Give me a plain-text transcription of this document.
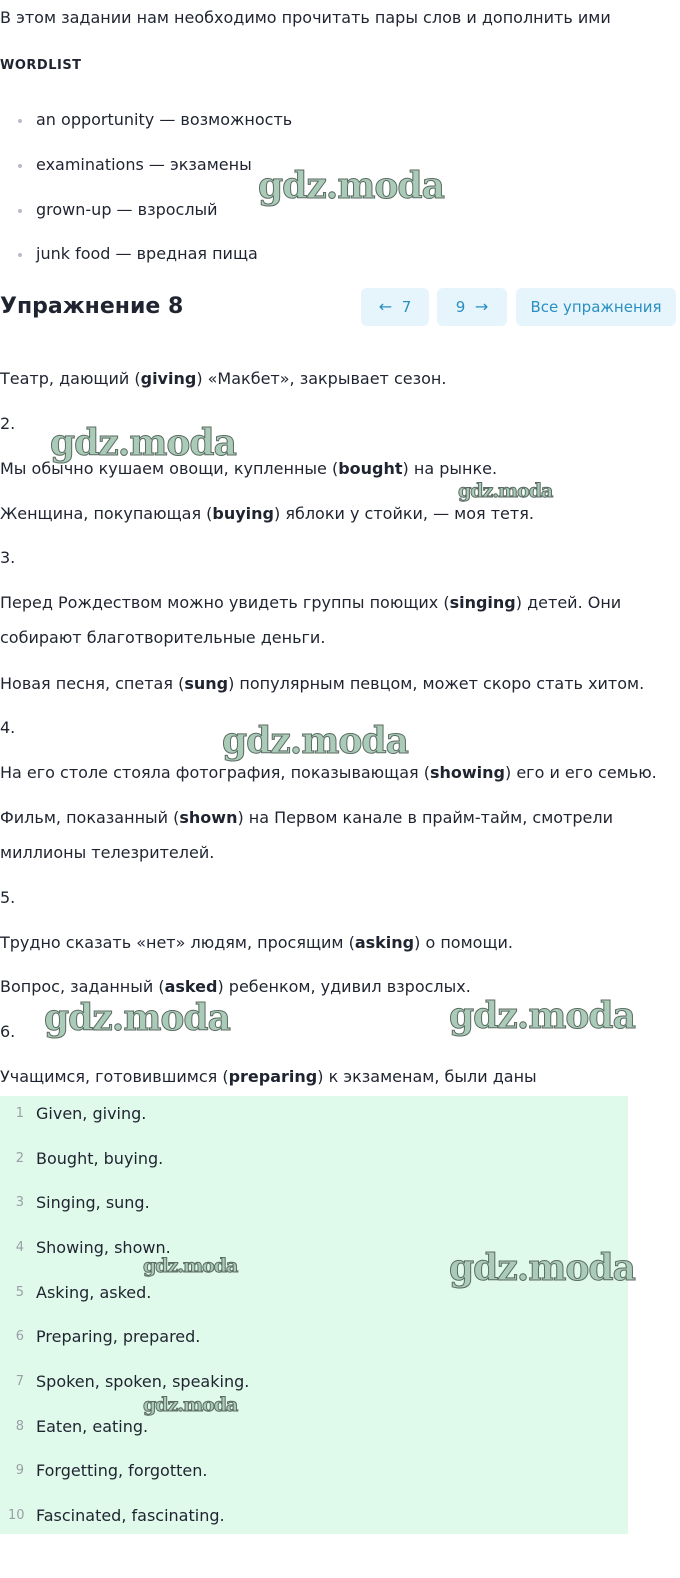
В этом задании нам необходимо прочитать пары слов и дополнить ими
WORDLIST
an opportunity — возможность
examinations — экзамены
grown-up — взрослый
junk food — вредная пища
Упражнение 8	← 7	9 →	Все упражнения
Театр, дающий (giving) «Макбет», закрывает сезон.
2.
Мы обычно кушаем овощи, купленные (bought) на рынке.
Женщина, покупающая (buying) яблоки у стойки, — моя тетя.
3.
Перед Рождеством можно увидеть группы поющих (singing) детей. Они
собирают благотворительные деньги.
Новая песня, спетая (sung) популярным певцом, может скоро стать хитом.
4.
На его столе стояла фотография, показывающая (showing) его и его семью.
Фильм, показанный (shown) на Первом канале в прайм-тайм, смотрели
миллионы телезрителей.
5.
Трудно сказать «нет» людям, просящим (asking) о помощи.
Вопрос, заданный (asked) ребенком, удивил взрослых.
6.
Учащимся, готовившимся (preparing) к экзаменам, были даны
1 Given, giving.
2 Bought, buying.
3 Singing, sung.
4 Showing, shown.
5 Asking, asked.
6 Preparing, prepared.
7 Spoken, spoken, speaking.
8 Eaten, eating.
9 Forgetting, forgotten.
10 Fascinated, fascinating.
gdz.moda
gdz.moda
gdz.moda
gdz.moda
gdz.moda	gdz.moda
gdz.moda	gdz.moda
gdz.moda
